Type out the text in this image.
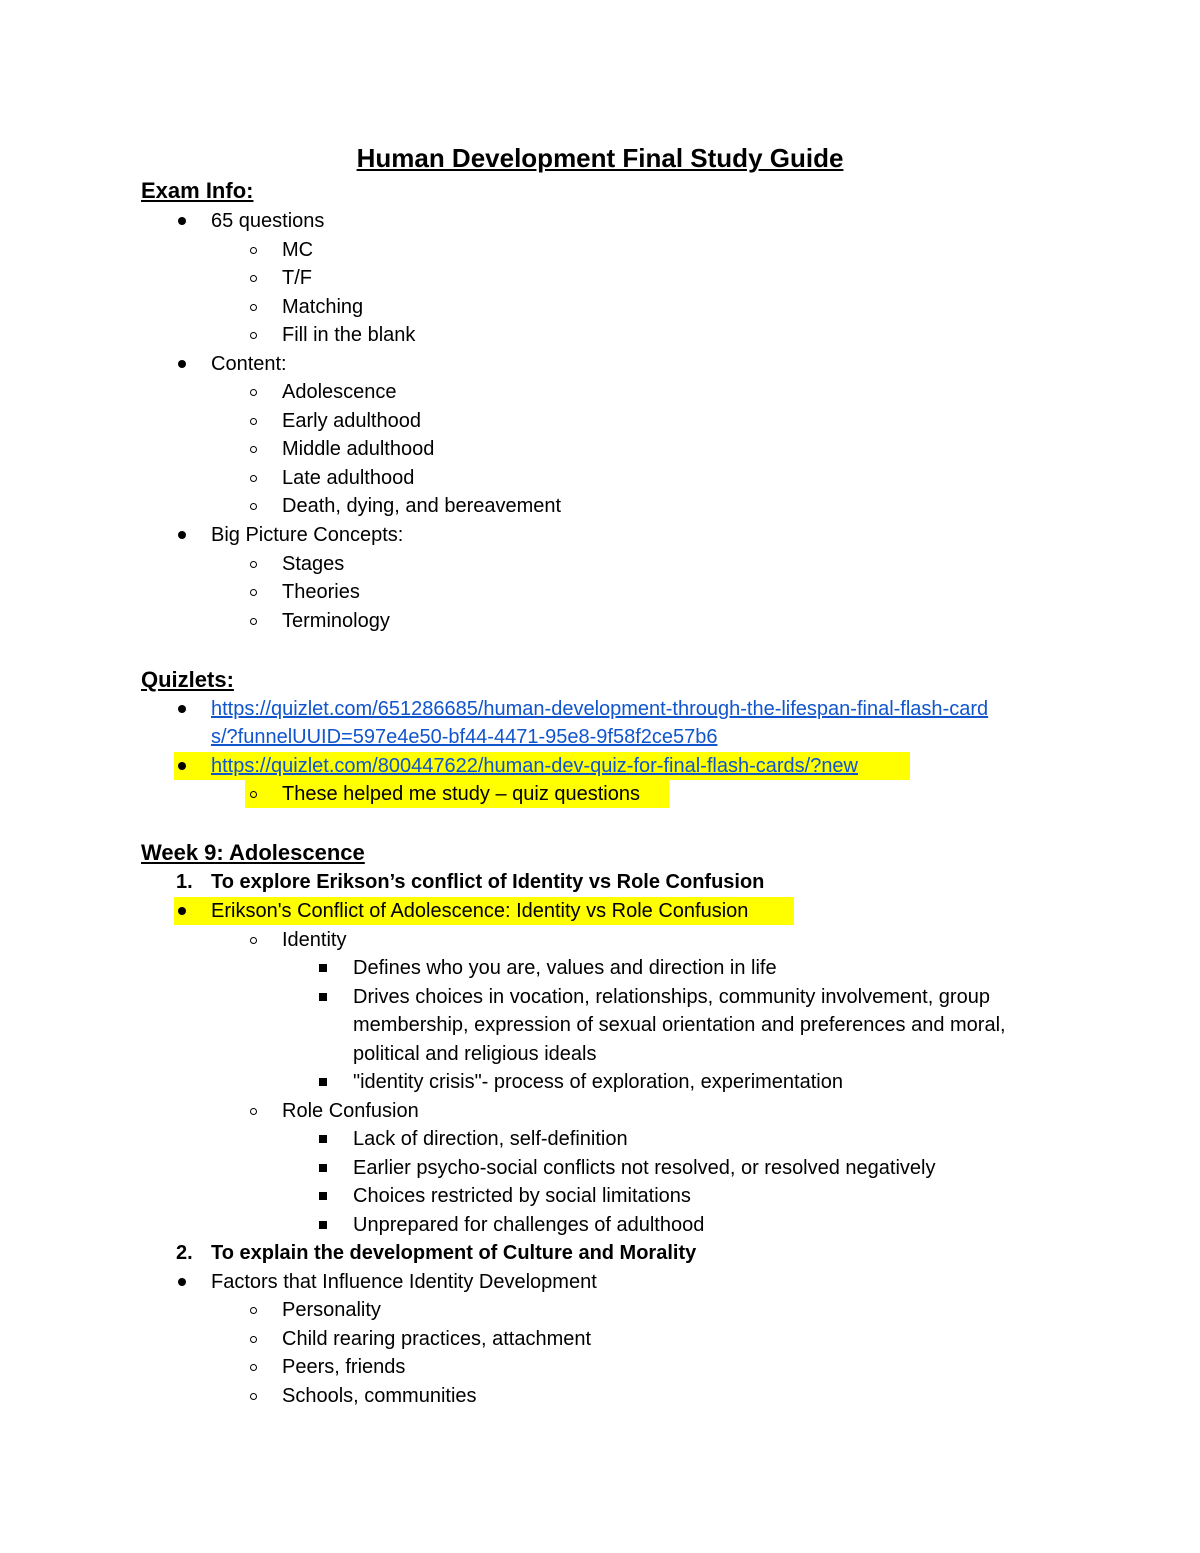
Human Development Final Study Guide
Exam Info:
65 questions
MC
T/F
Matching
Fill in the blank
Content:
Adolescence
Early adulthood
Middle adulthood
Late adulthood
Death, dying, and bereavement
Big Picture Concepts:
Stages
Theories
Terminology
Quizlets:
https://quizlet.com/651286685/human-development-through-the-lifespan-final-flash-card
s/?funnelUUID=597e4e50-bf44-4471-95e8-9f58f2ce57b6
https://quizlet.com/800447622/human-dev-quiz-for-final-flash-cards/?new
These helped me study – quiz questions
Week 9: Adolescence
1. To explore Erikson’s conflict of Identity vs Role Confusion
Erikson's Conflict of Adolescence: Identity vs Role Confusion
Identity
Defines who you are, values and direction in life
Drives choices in vocation, relationships, community involvement, group
membership, expression of sexual orientation and preferences and moral,
political and religious ideals
"identity crisis"- process of exploration, experimentation
Role Confusion
Lack of direction, self-definition
Earlier psycho-social conflicts not resolved, or resolved negatively
Choices restricted by social limitations
Unprepared for challenges of adulthood
2. To explain the development of Culture and Morality
Factors that Influence Identity Development
Personality
Child rearing practices, attachment
Peers, friends
Schools, communities
